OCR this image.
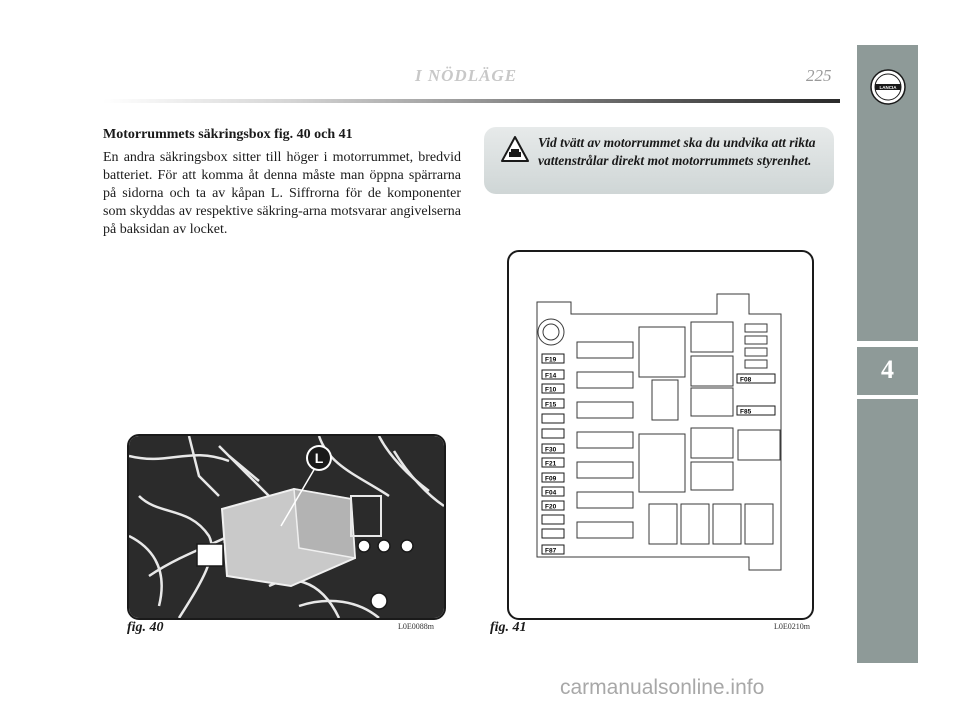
I NÖDLÄGE	225
4
LANCIA
Motorrummets säkringsbox fig. 40 och 41
En andra säkringsbox sitter till höger i motorrummet, bredvid batteriet. För att komma åt denna måste man öppna spärrarna på sidorna och ta av kåpan L. Siffrorna för de komponenter som skyddas av respektive säkring-arna motsvarar angivelserna på baksidan av locket.
Vid tvätt av motorrummet ska du undvika att rikta vattenstrålar direkt mot motorrummets styrenhet.
L
fig. 40	L0E0088m
F19
F14
F10
F15
F30
F21
F09
F04
F20
F87
F08
F85
fig. 41	L0E0210m
carmanualsonline.info
